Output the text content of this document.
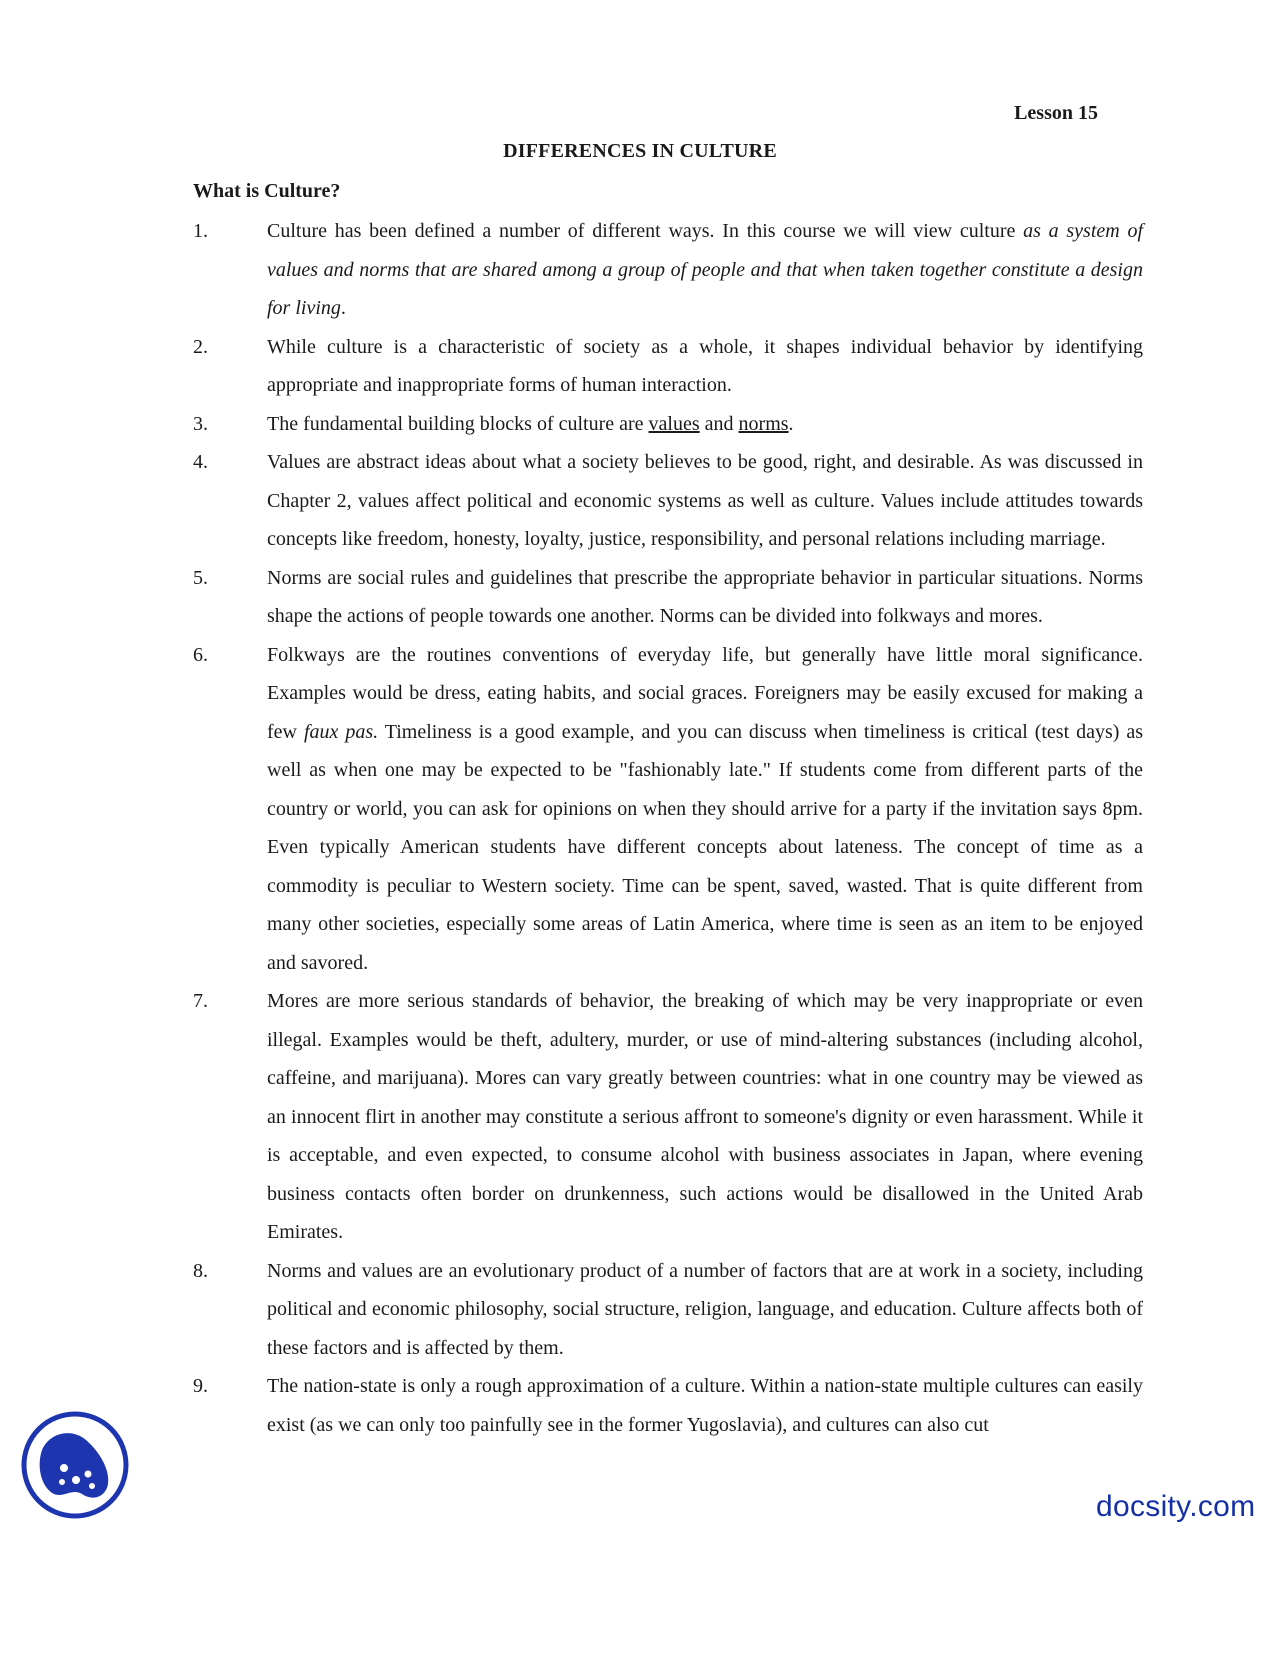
Lesson 15
DIFFERENCES IN CULTURE
What is Culture?
1.	Culture has been defined a number of different ways. In this course we will view culture as a system of values and norms that are shared among a group of people and that when taken together constitute a design for living.
2.	While culture is a characteristic of society as a whole, it shapes individual behavior by identifying appropriate and inappropriate forms of human interaction.
3.	The fundamental building blocks of culture are values and norms.
4.	Values are abstract ideas about what a society believes to be good, right, and desirable. As was discussed in Chapter 2, values affect political and economic systems as well as culture. Values include attitudes towards concepts like freedom, honesty, loyalty, justice, responsibility, and personal relations including marriage.
5.	Norms are social rules and guidelines that prescribe the appropriate behavior in particular situations. Norms shape the actions of people towards one another. Norms can be divided into folkways and mores.
6.	Folkways are the routines conventions of everyday life, but generally have little moral significance. Examples would be dress, eating habits, and social graces. Foreigners may be easily excused for making a few faux pas. Timeliness is a good example, and you can discuss when timeliness is critical (test days) as well as when one may be expected to be "fashionably late." If students come from different parts of the country or world, you can ask for opinions on when they should arrive for a party if the invitation says 8pm. Even typically American students have different concepts about lateness. The concept of time as a commodity is peculiar to Western society. Time can be spent, saved, wasted. That is quite different from many other societies, especially some areas of Latin America, where time is seen as an item to be enjoyed and savored.
7.	Mores are more serious standards of behavior, the breaking of which may be very inappropriate or even illegal. Examples would be theft, adultery, murder, or use of mind-altering substances (including alcohol, caffeine, and marijuana). Mores can vary greatly between countries: what in one country may be viewed as an innocent flirt in another may constitute a serious affront to someone's dignity or even harassment. While it is acceptable, and even expected, to consume alcohol with business associates in Japan, where evening business contacts often border on drunkenness, such actions would be disallowed in the United Arab Emirates.
8.	Norms and values are an evolutionary product of a number of factors that are at work in a society, including political and economic philosophy, social structure, religion, language, and education. Culture affects both of these factors and is affected by them.
9.	The nation-state is only a rough approximation of a culture. Within a nation-state multiple cultures can easily exist (as we can only too painfully see in the former Yugoslavia), and cultures can also cut
docsity.com
